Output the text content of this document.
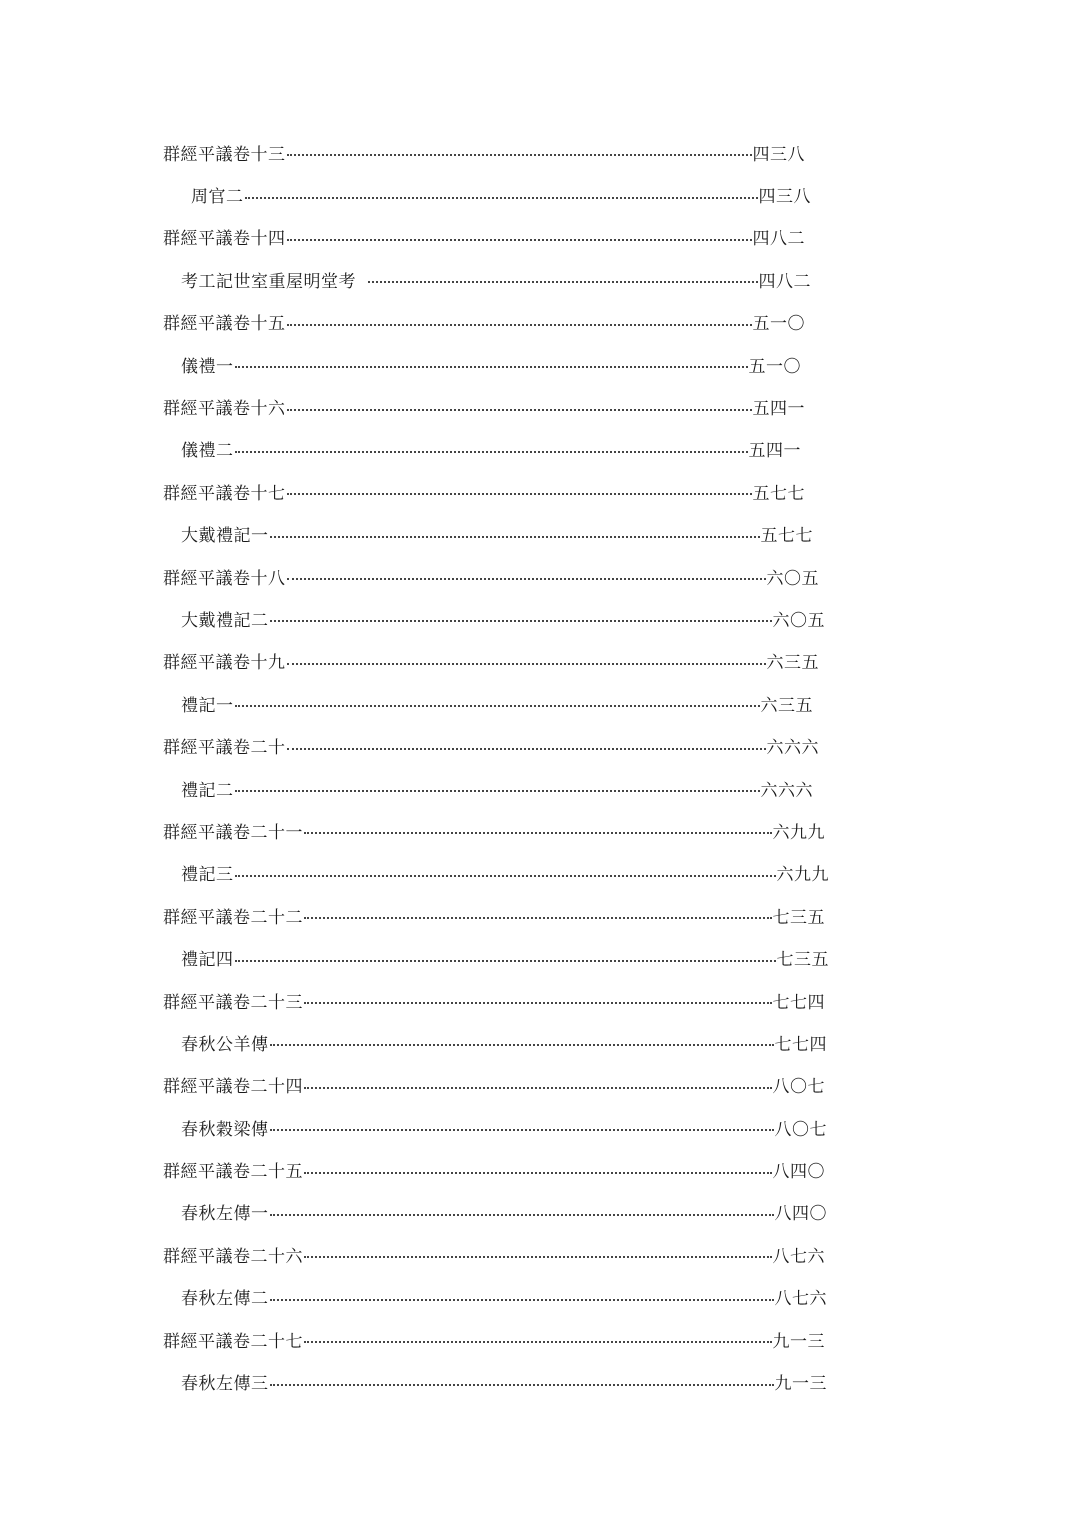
群經平議卷十三	四三八
周官二	四三八
群經平議卷十四	四八二
考工記世室重屋明堂考	四八二
群經平議卷十五	五一〇
儀禮一	五一〇
群經平議卷十六	五四一
儀禮二	五四一
群經平議卷十七	五七七
大戴禮記一	五七七
群經平議卷十八	六〇五
大戴禮記二	六〇五
群經平議卷十九	六三五
禮記一	六三五
群經平議卷二十	六六六
禮記二	六六六
群經平議卷二十一	六九九
禮記三	六九九
群經平議卷二十二	七三五
禮記四	七三五
群經平議卷二十三	七七四
春秋公羊傳	七七四
群經平議卷二十四	八〇七
春秋穀梁傳	八〇七
群經平議卷二十五	八四〇
春秋左傳一	八四〇
群經平議卷二十六	八七六
春秋左傳二	八七六
群經平議卷二十七	九一三
春秋左傳三	九一三
